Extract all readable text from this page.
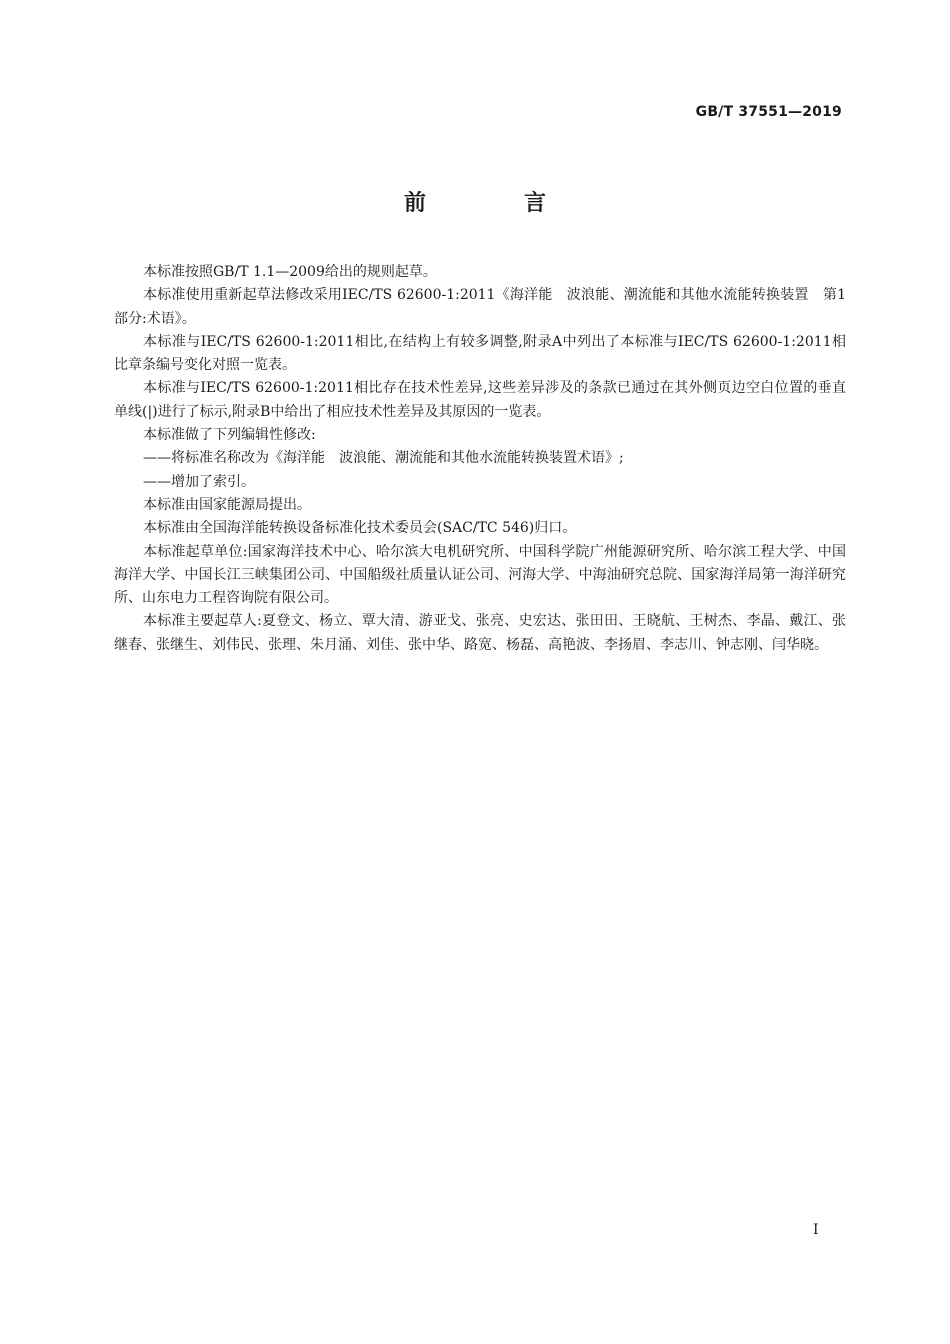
GB/T 37551—2019
前　言

本标准按照GB/T 1.1—2009给出的规则起草。

本标准使用重新起草法修改采用IEC/TS 62600-1:2011《海洋能　波浪能、潮流能和其他水流能转换装置　第1部分:术语》。

本标准与IEC/TS 62600-1:2011相比,在结构上有较多调整,附录A中列出了本标准与IEC/TS 62600-1:2011相比章条编号变化对照一览表。

本标准与IEC/TS 62600-1:2011相比存在技术性差异,这些差异涉及的条款已通过在其外侧页边空白位置的垂直单线(|)进行了标示,附录B中给出了相应技术性差异及其原因的一览表。

本标准做了下列编辑性修改:

——将标准名称改为《海洋能　波浪能、潮流能和其他水流能转换装置术语》;

——增加了索引。

本标准由国家能源局提出。

本标准由全国海洋能转换设备标准化技术委员会(SAC/TC 546)归口。

本标准起草单位:国家海洋技术中心、哈尔滨大电机研究所、中国科学院广州能源研究所、哈尔滨工程大学、中国海洋大学、中国长江三峡集团公司、中国船级社质量认证公司、河海大学、中海油研究总院、国家海洋局第一海洋研究所、山东电力工程咨询院有限公司。

本标准主要起草人:夏登文、杨立、覃大清、游亚戈、张亮、史宏达、张田田、王晓航、王树杰、李晶、戴江、张继春、张继生、刘伟民、张理、朱月涌、刘佳、张中华、路宽、杨磊、高艳波、李扬眉、李志川、钟志刚、闫华晓。

I
